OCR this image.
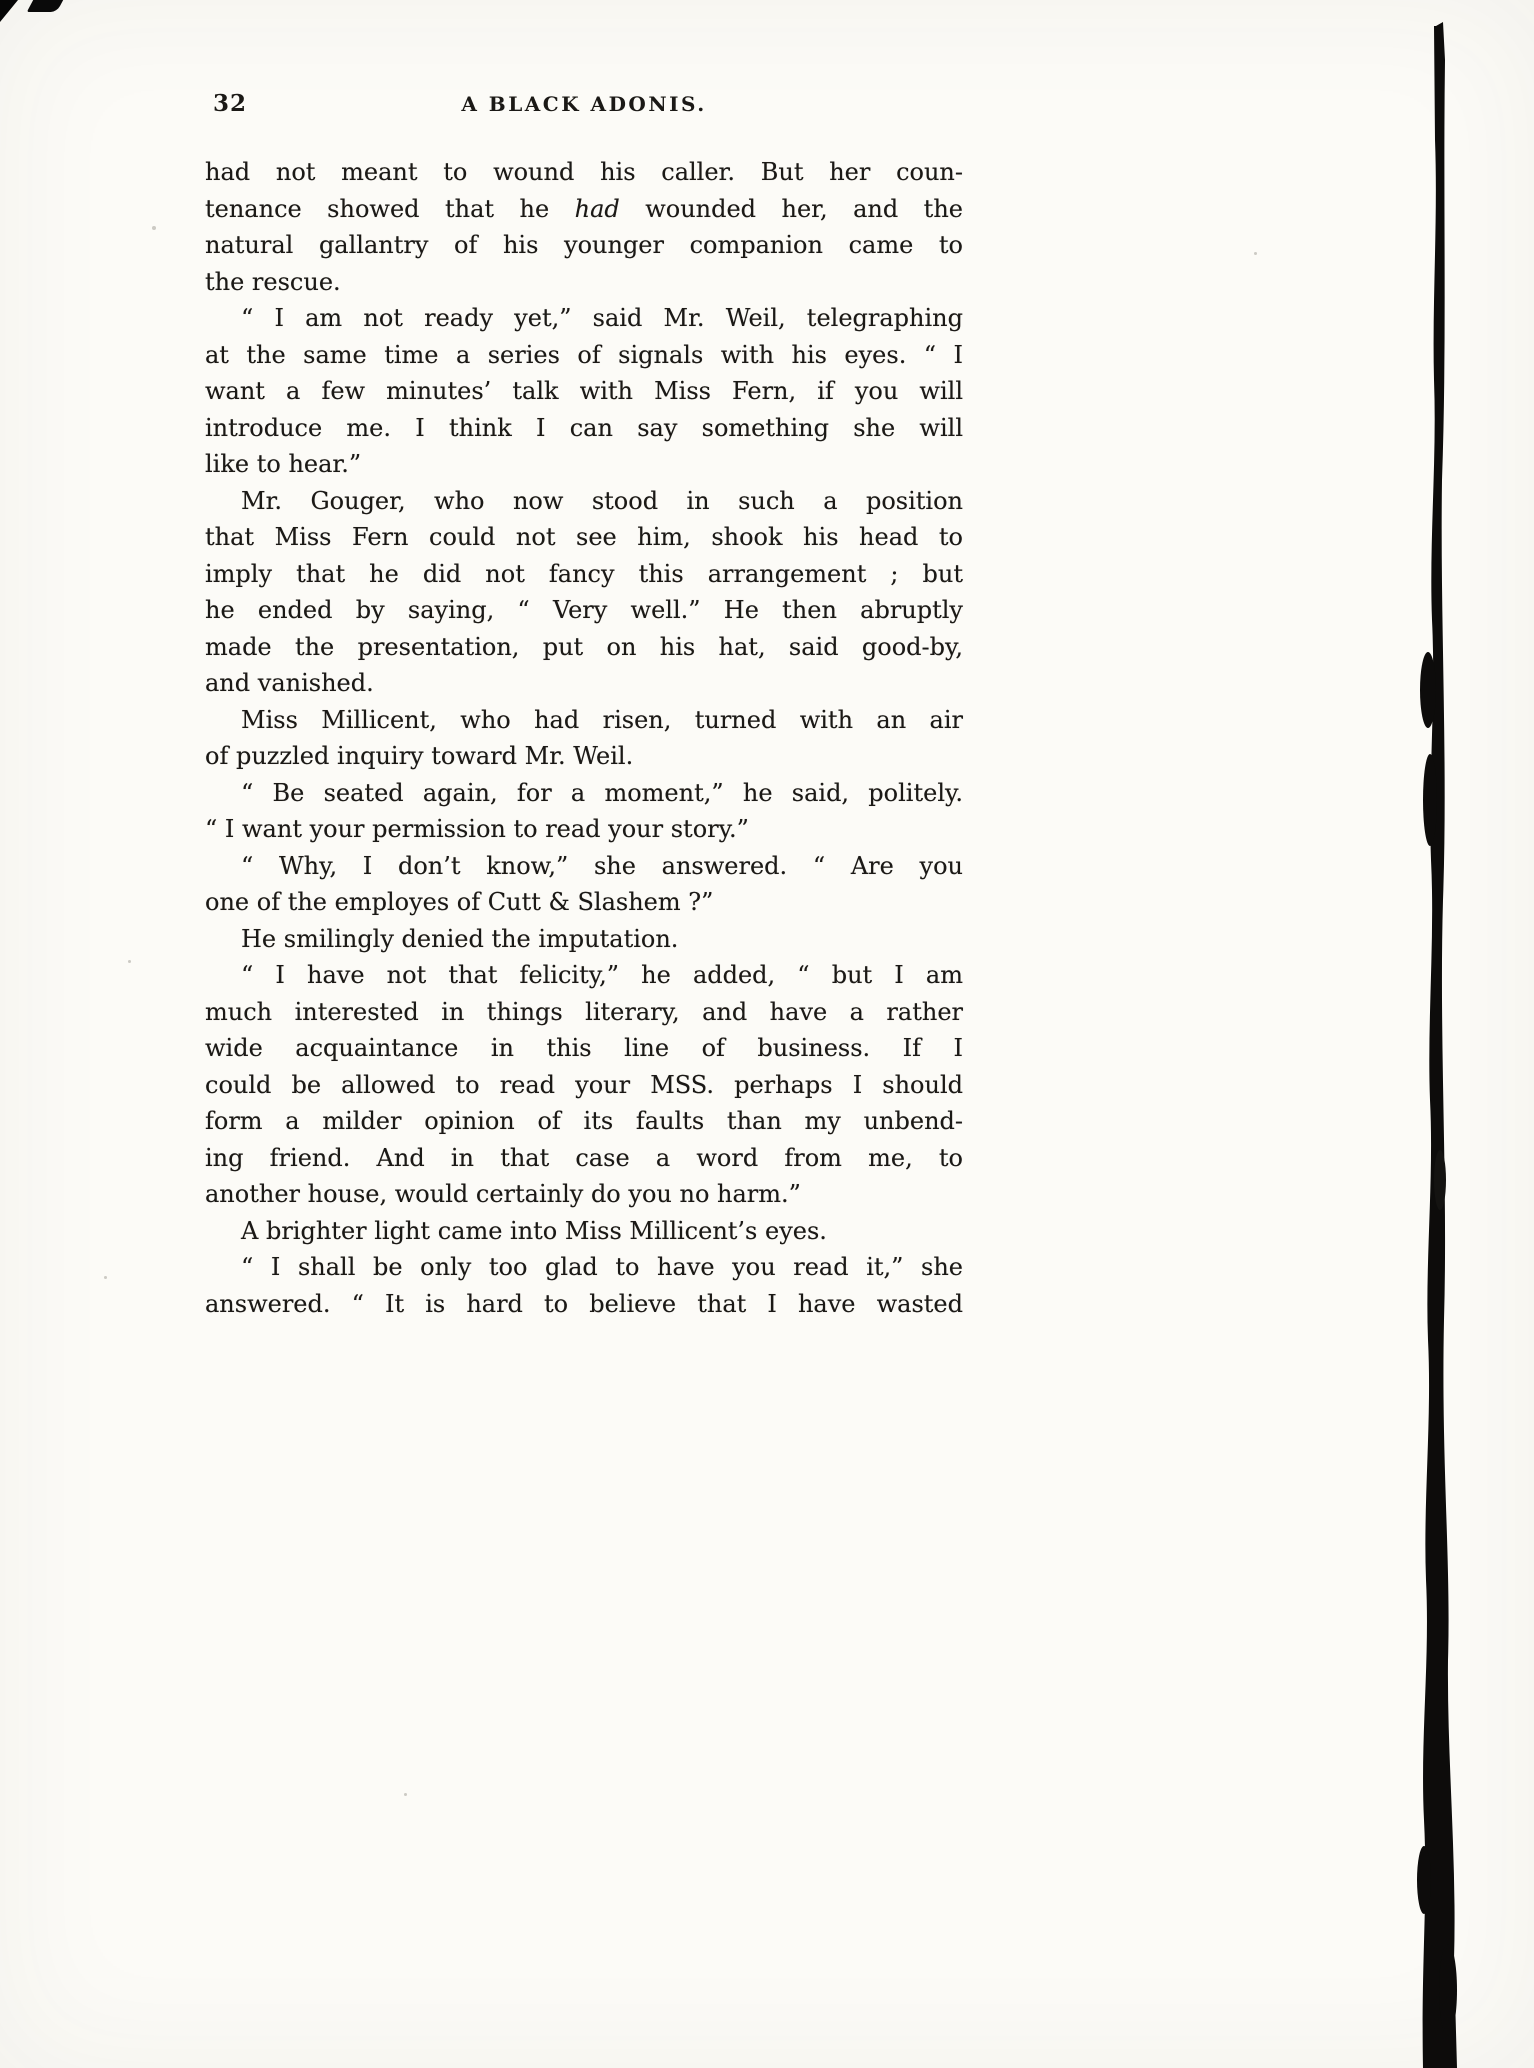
32	A BLACK ADONIS.
had not meant to wound his caller. But her coun-
tenance showed that he had wounded her, and the
natural gallantry of his younger companion came to
the rescue.
“ I am not ready yet,” said Mr. Weil, telegraphing
at the same time a series of signals with his eyes. “ I
want a few minutes’ talk with Miss Fern, if you will
introduce me. I think I can say something she will
like to hear.”
Mr. Gouger, who now stood in such a position
that Miss Fern could not see him, shook his head to
imply that he did not fancy this arrangement ; but
he ended by saying, “ Very well.” He then abruptly
made the presentation, put on his hat, said good-by,
and vanished.
Miss Millicent, who had risen, turned with an air
of puzzled inquiry toward Mr. Weil.
“ Be seated again, for a moment,” he said, politely.
“ I want your permission to read your story.”
“ Why, I don’t know,” she answered. “ Are you
one of the employes of Cutt & Slashem ?”
He smilingly denied the imputation.
“ I have not that felicity,” he added, “ but I am
much interested in things literary, and have a rather
wide acquaintance in this line of business. If I
could be allowed to read your MSS. perhaps I should
form a milder opinion of its faults than my unbend-
ing friend. And in that case a word from me, to
another house, would certainly do you no harm.”
A brighter light came into Miss Millicent’s eyes.
“ I shall be only too glad to have you read it,” she
answered. “ It is hard to believe that I have wasted
